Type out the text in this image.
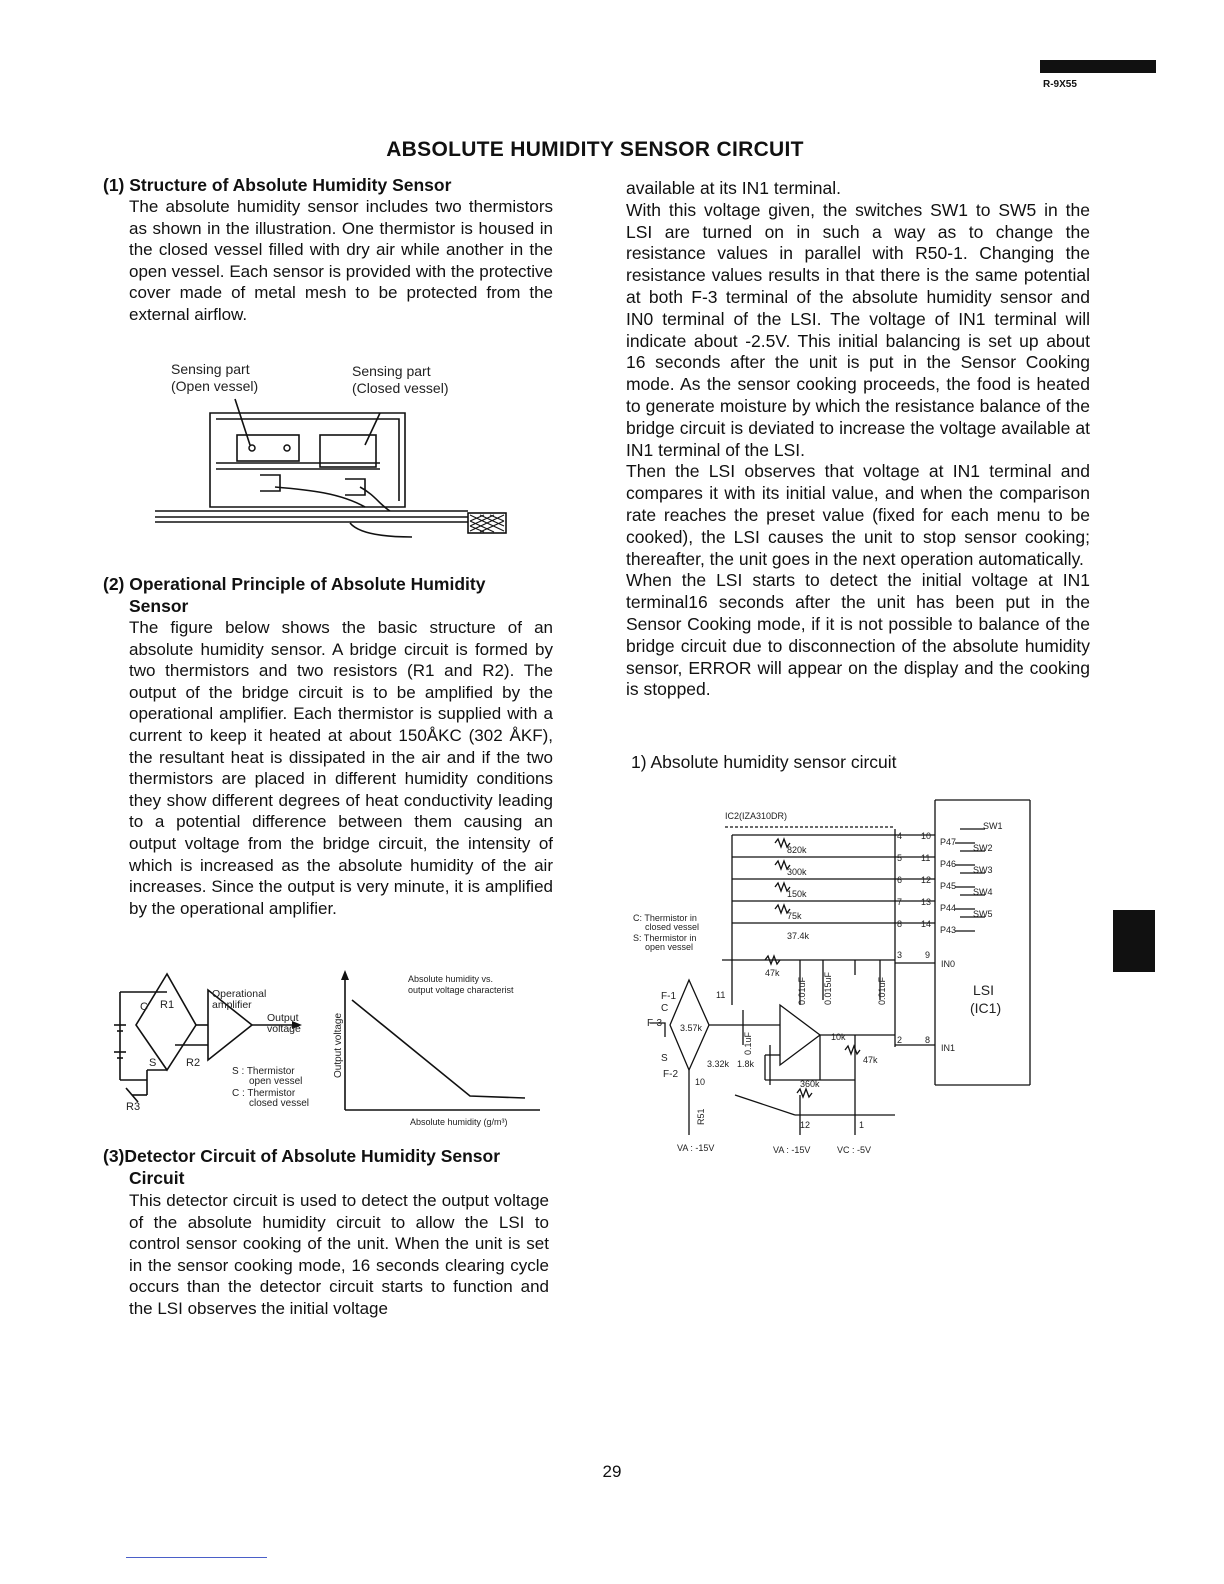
R-9X55
ABSOLUTE HUMIDITY SENSOR CIRCUIT
(1) Structure of Absolute Humidity Sensor
The absolute humidity sensor includes two thermistors as shown in the illustration. One thermistor is housed in the closed vessel filled with dry air while another in the open vessel. Each sensor is provided with the protective cover made of metal mesh to be protected from the external airflow.
Sensing part
(Open vessel)
Sensing part
(Closed vessel)
(2) Operational Principle of Absolute Humidity
Sensor
The figure below shows the basic structure of an absolute humidity sensor. A bridge circuit is formed by two thermistors and two resistors (R1 and R2). The output of the bridge circuit is to be amplified by the operational amplifier. Each thermistor is supplied with a current to keep it heated at about 150ÅKC (302 ÅKF), the resultant heat is dissipated in the air and if the two thermistors are placed in different humidity conditions they show different degrees of heat conductivity leading to a potential difference between them causing an output voltage from the bridge circuit, the intensity of which is increased as the absolute humidity of the air increases. Since the output is very minute, it is amplified by the operational amplifier.
C R1
S	R2
R3
Operational
amplifier
Output
voltage
S : Thermistor
open vessel
C : Thermistor
closed vessel
Absolute humidity vs.
output voltage characterist
Output voltage
Absolute humidity (g/m³)
(3)Detector Circuit of Absolute Humidity Sensor
Circuit
This detector circuit is used to detect the output voltage of the absolute humidity circuit to allow the LSI to control sensor cooking of the unit. When the unit is set in the sensor cooking mode, 16 seconds clearing cycle occurs than the detector circuit starts to function and the LSI observes the initial voltage
available at its IN1 terminal.
With this voltage given, the switches SW1 to SW5 in the LSI are turned on in such a way as to change the resistance values in parallel with R50-1. Changing the resistance values results in that there is the same potential at both F-3 terminal of the absolute humidity sensor and IN0 terminal of the LSI. The voltage of IN1 terminal will indicate about -2.5V. This initial balancing is set up about 16 seconds after the unit is put in the Sensor Cooking mode. As the sensor cooking proceeds, the food is heated to generate moisture by which the resistance balance of the bridge circuit is deviated to increase the voltage available at IN1 terminal of the LSI.
Then the LSI observes that voltage at IN1 terminal and compares it with its initial value, and when the comparison rate reaches the preset value (fixed for each menu to be cooked), the LSI causes the unit to stop sensor cooking; thereafter, the unit goes in the next operation automatically.
When the LSI starts to detect the initial voltage at IN1 terminal16 seconds after the unit has been put in the Sensor Cooking mode, if it is not possible to balance of the bridge circuit due to disconnection of the absolute humidity sensor, ERROR will appear on the display and the cooking is stopped.
1) Absolute humidity sensor circuit
IC2(IZA310DR)
820k
300k
150k
75k
37.4k
47k
10k
47k
360k
3.57k
3.32k 1.8k
R51
0.01uF 0.015uF	0.01uF
0.1uF
C: Thermistor in
closed vessel
S: Thermistor in
open vessel
SW1
SW2
SW3
SW4
SW5
P47
P46
P45
P44
P43
IN0
IN1
LSI
(IC1)
F-1
C
F-3
S
F-2
4 10
5 11
6 12
7 13
8 14
3	9
2	8
11
10
12	1
VA : -15V	VA : -15V	VC : -5V
29
